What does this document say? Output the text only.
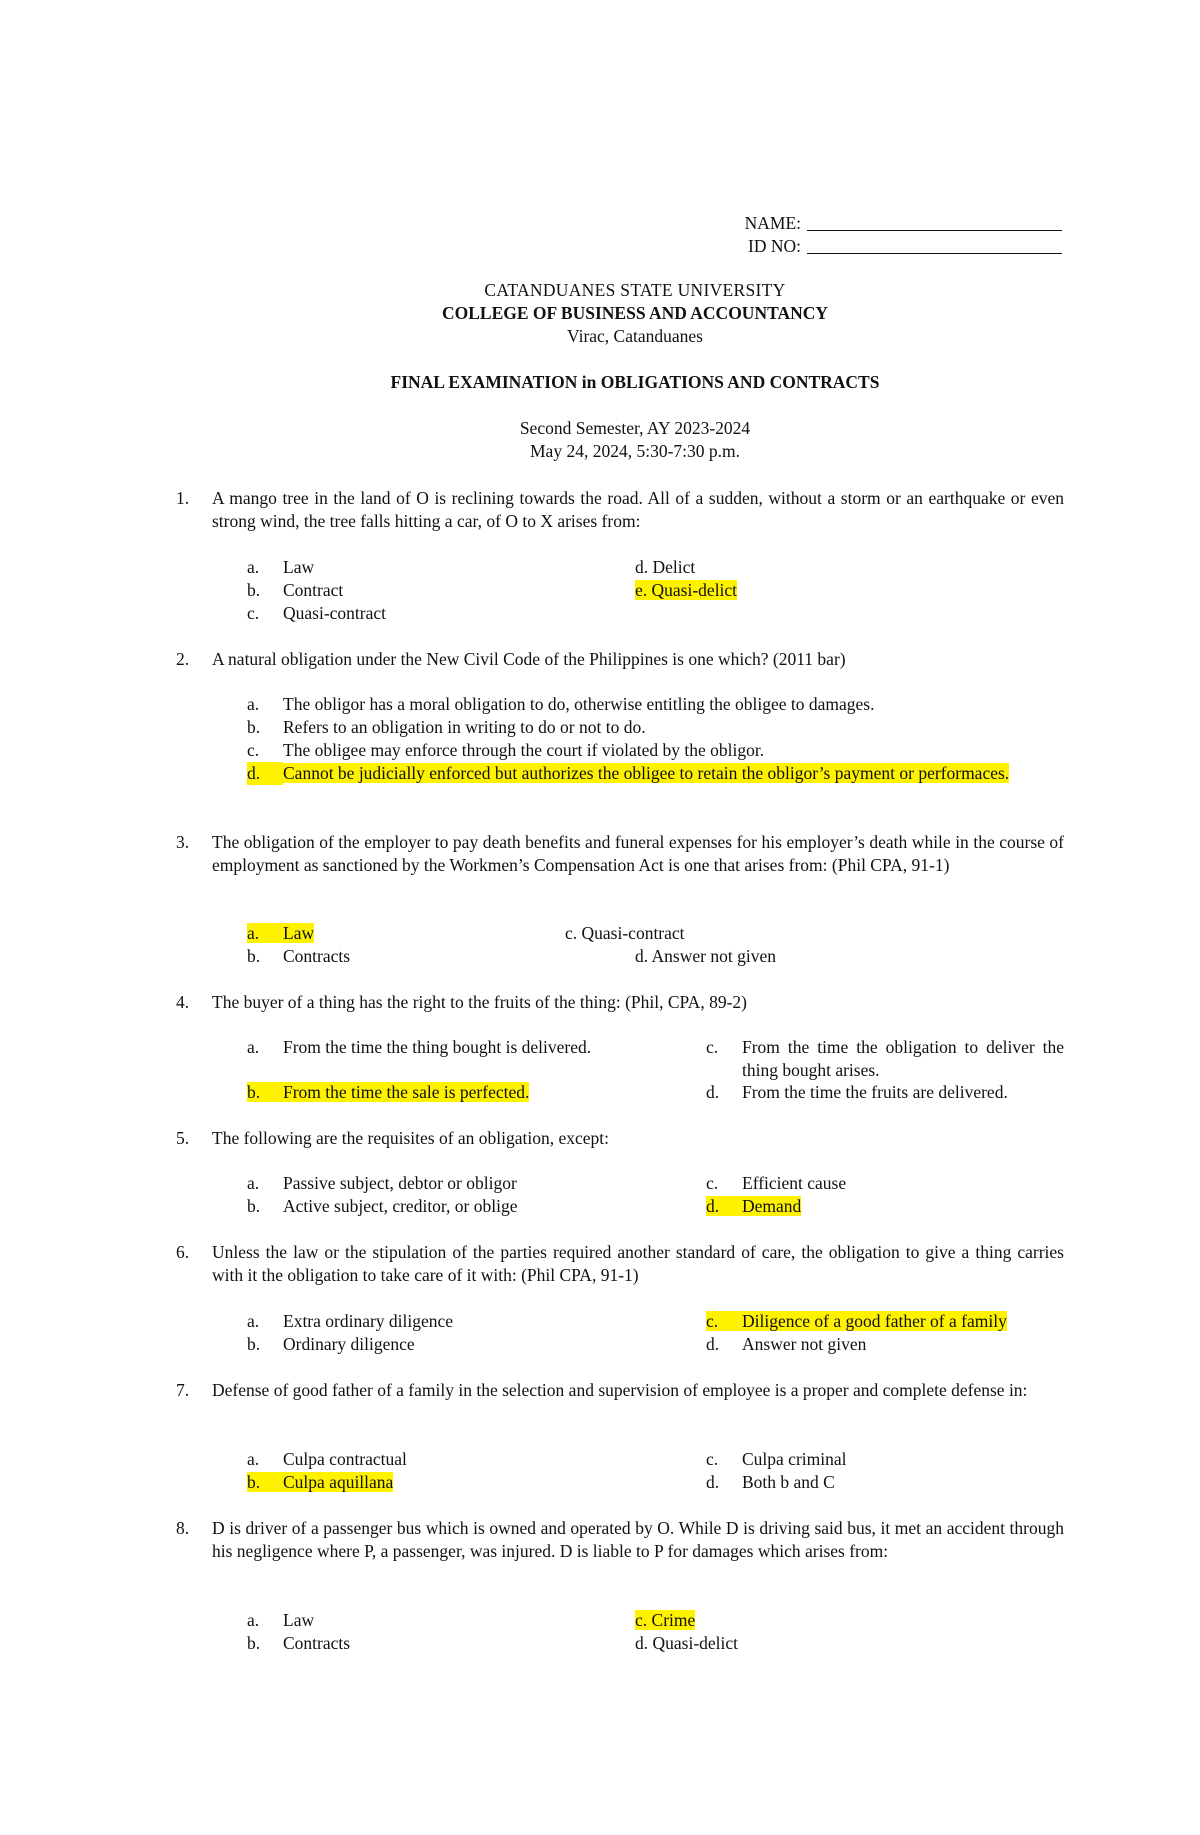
NAME:
ID NO:
CATANDUANES STATE UNIVERSITY
COLLEGE OF BUSINESS AND ACCOUNTANCY
Virac, Catanduanes
FINAL EXAMINATION in OBLIGATIONS AND CONTRACTS
Second Semester, AY 2023-2024
May 24, 2024, 5:30-7:30 p.m.
1. A mango tree in the land of O is reclining towards the road. All of a sudden, without a storm or an earthquake or even strong wind, the tree falls hitting a car, of O to X arises from:
a. Law
b. Contract
c. Quasi-contract
d. Delict
e. Quasi-delict
2. A natural obligation under the New Civil Code of the Philippines is one which? (2011 bar)
a. The obligor has a moral obligation to do, otherwise entitling the obligee to damages.
b. Refers to an obligation in writing to do or not to do.
c. The obligee may enforce through the court if violated by the obligor.
d.	Cannot be judicially enforced but authorizes the obligee to retain the obligor’s payment or performaces.
3. The obligation of the employer to pay death benefits and funeral expenses for his employer’s death while in the course of employment as sanctioned by the Workmen’s Compensation Act is one that arises from: (Phil CPA, 91-1)
a. Law
b. Contracts
c. Quasi-contract
d. Answer not given
4. The buyer of a thing has the right to the fruits of the thing: (Phil, CPA, 89-2)
a.	From the time the thing bought is delivered.
b. From the time the sale is perfected.
c.	From the time the obligation to deliver the thing bought arises.
d. From the time the fruits are delivered.
5. The following are the requisites of an obligation, except:
a. Passive subject, debtor or obligor
b. Active subject, creditor, or oblige
c. Efficient cause
d. Demand
6. Unless the law or the stipulation of the parties required another standard of care, the obligation to give a thing carries with it the obligation to take care of it with: (Phil CPA, 91-1)
a. Extra ordinary diligence
b. Ordinary diligence
c. Diligence of a good father of a family
d. Answer not given
7. Defense of good father of a family in the selection and supervision of employee is a proper and complete defense in:
a. Culpa contractual
b. Culpa aquillana
c. Culpa criminal
d. Both b and C
8. D is driver of a passenger bus which is owned and operated by O. While D is driving said bus, it met an accident through his negligence where P, a passenger, was injured. D is liable to P for damages which arises from:
a. Law
b. Contracts
c. Crime
d. Quasi-delict
